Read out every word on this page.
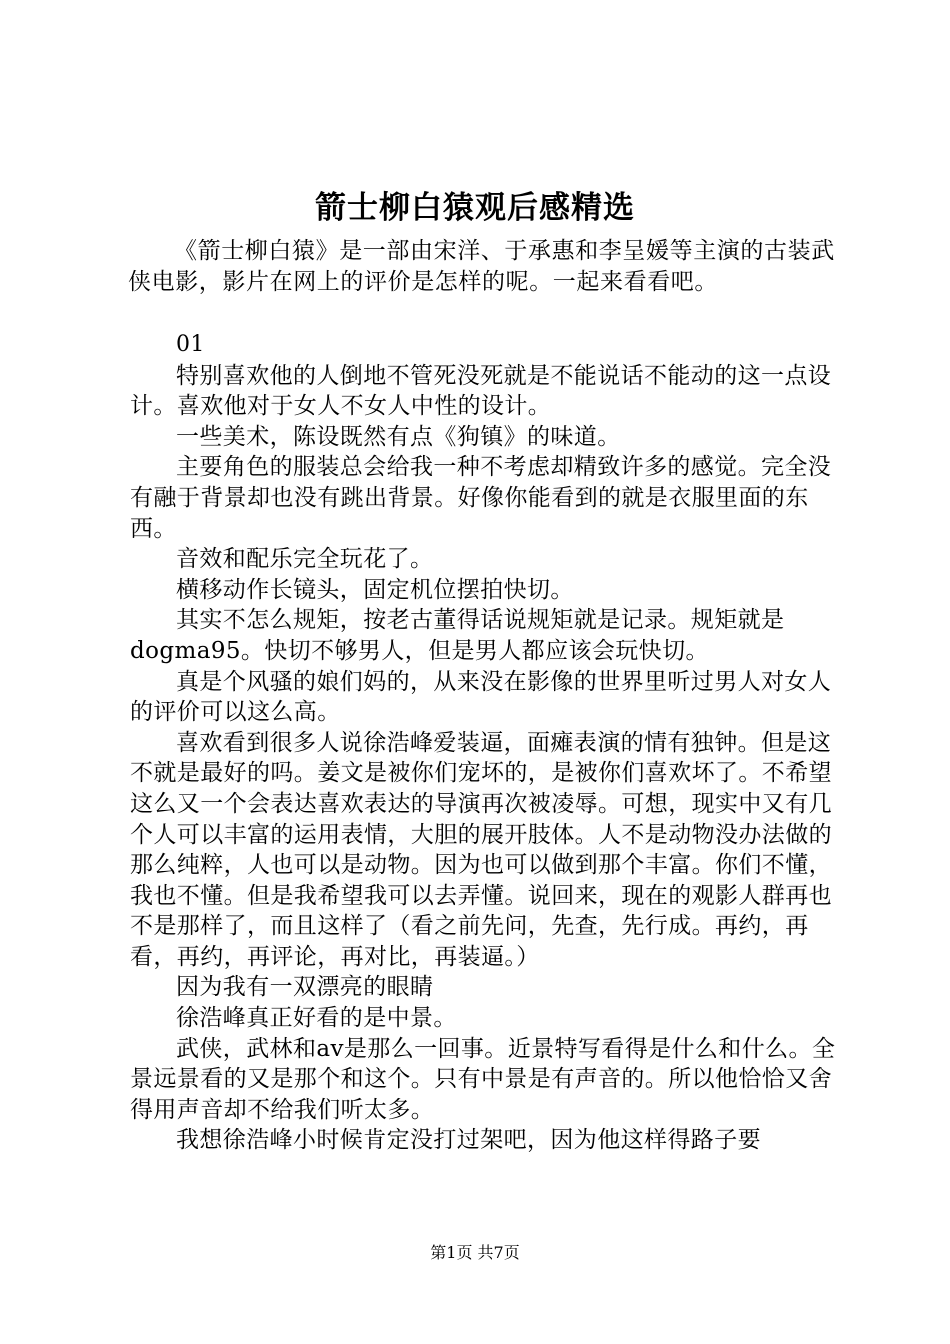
箭士柳白猿观后感精选

《箭士柳白猿》是一部由宋洋、于承惠和李呈媛等主演的古装武侠电影，影片在网上的评价是怎样的呢。一起来看看吧。

01

特别喜欢他的人倒地不管死没死就是不能说话不能动的这一点设计。喜欢他对于女人不女人中性的设计。

一些美术，陈设既然有点《狗镇》的味道。

主要角色的服装总会给我一种不考虑却精致许多的感觉。完全没有融于背景却也没有跳出背景。好像你能看到的就是衣服里面的东西。

音效和配乐完全玩花了。

横移动作长镜头，固定机位摆拍快切。

其实不怎么规矩，按老古董得话说规矩就是记录。规矩就是dogma95。快切不够男人，但是男人都应该会玩快切。

真是个风骚的娘们妈的，从来没在影像的世界里听过男人对女人的评价可以这么高。

喜欢看到很多人说徐浩峰爱装逼，面瘫表演的情有独钟。但是这不就是最好的吗。姜文是被你们宠坏的，是被你们喜欢坏了。不希望这么又一个会表达喜欢表达的导演再次被凌辱。可想，现实中又有几个人可以丰富的运用表情，大胆的展开肢体。人不是动物没办法做的那么纯粹，人也可以是动物。因为也可以做到那个丰富。你们不懂，我也不懂。但是我希望我可以去弄懂。说回来，现在的观影人群再也不是那样了，而且这样了（看之前先问，先查，先行成。再约，再看，再约，再评论，再对比，再装逼。）

因为我有一双漂亮的眼睛

徐浩峰真正好看的是中景。

武侠，武林和av是那么一回事。近景特写看得是什么和什么。全景远景看的又是那个和这个。只有中景是有声音的。所以他恰恰又舍得用声音却不给我们听太多。

我想徐浩峰小时候肯定没打过架吧，因为他这样得路子要

第1页 共7页
